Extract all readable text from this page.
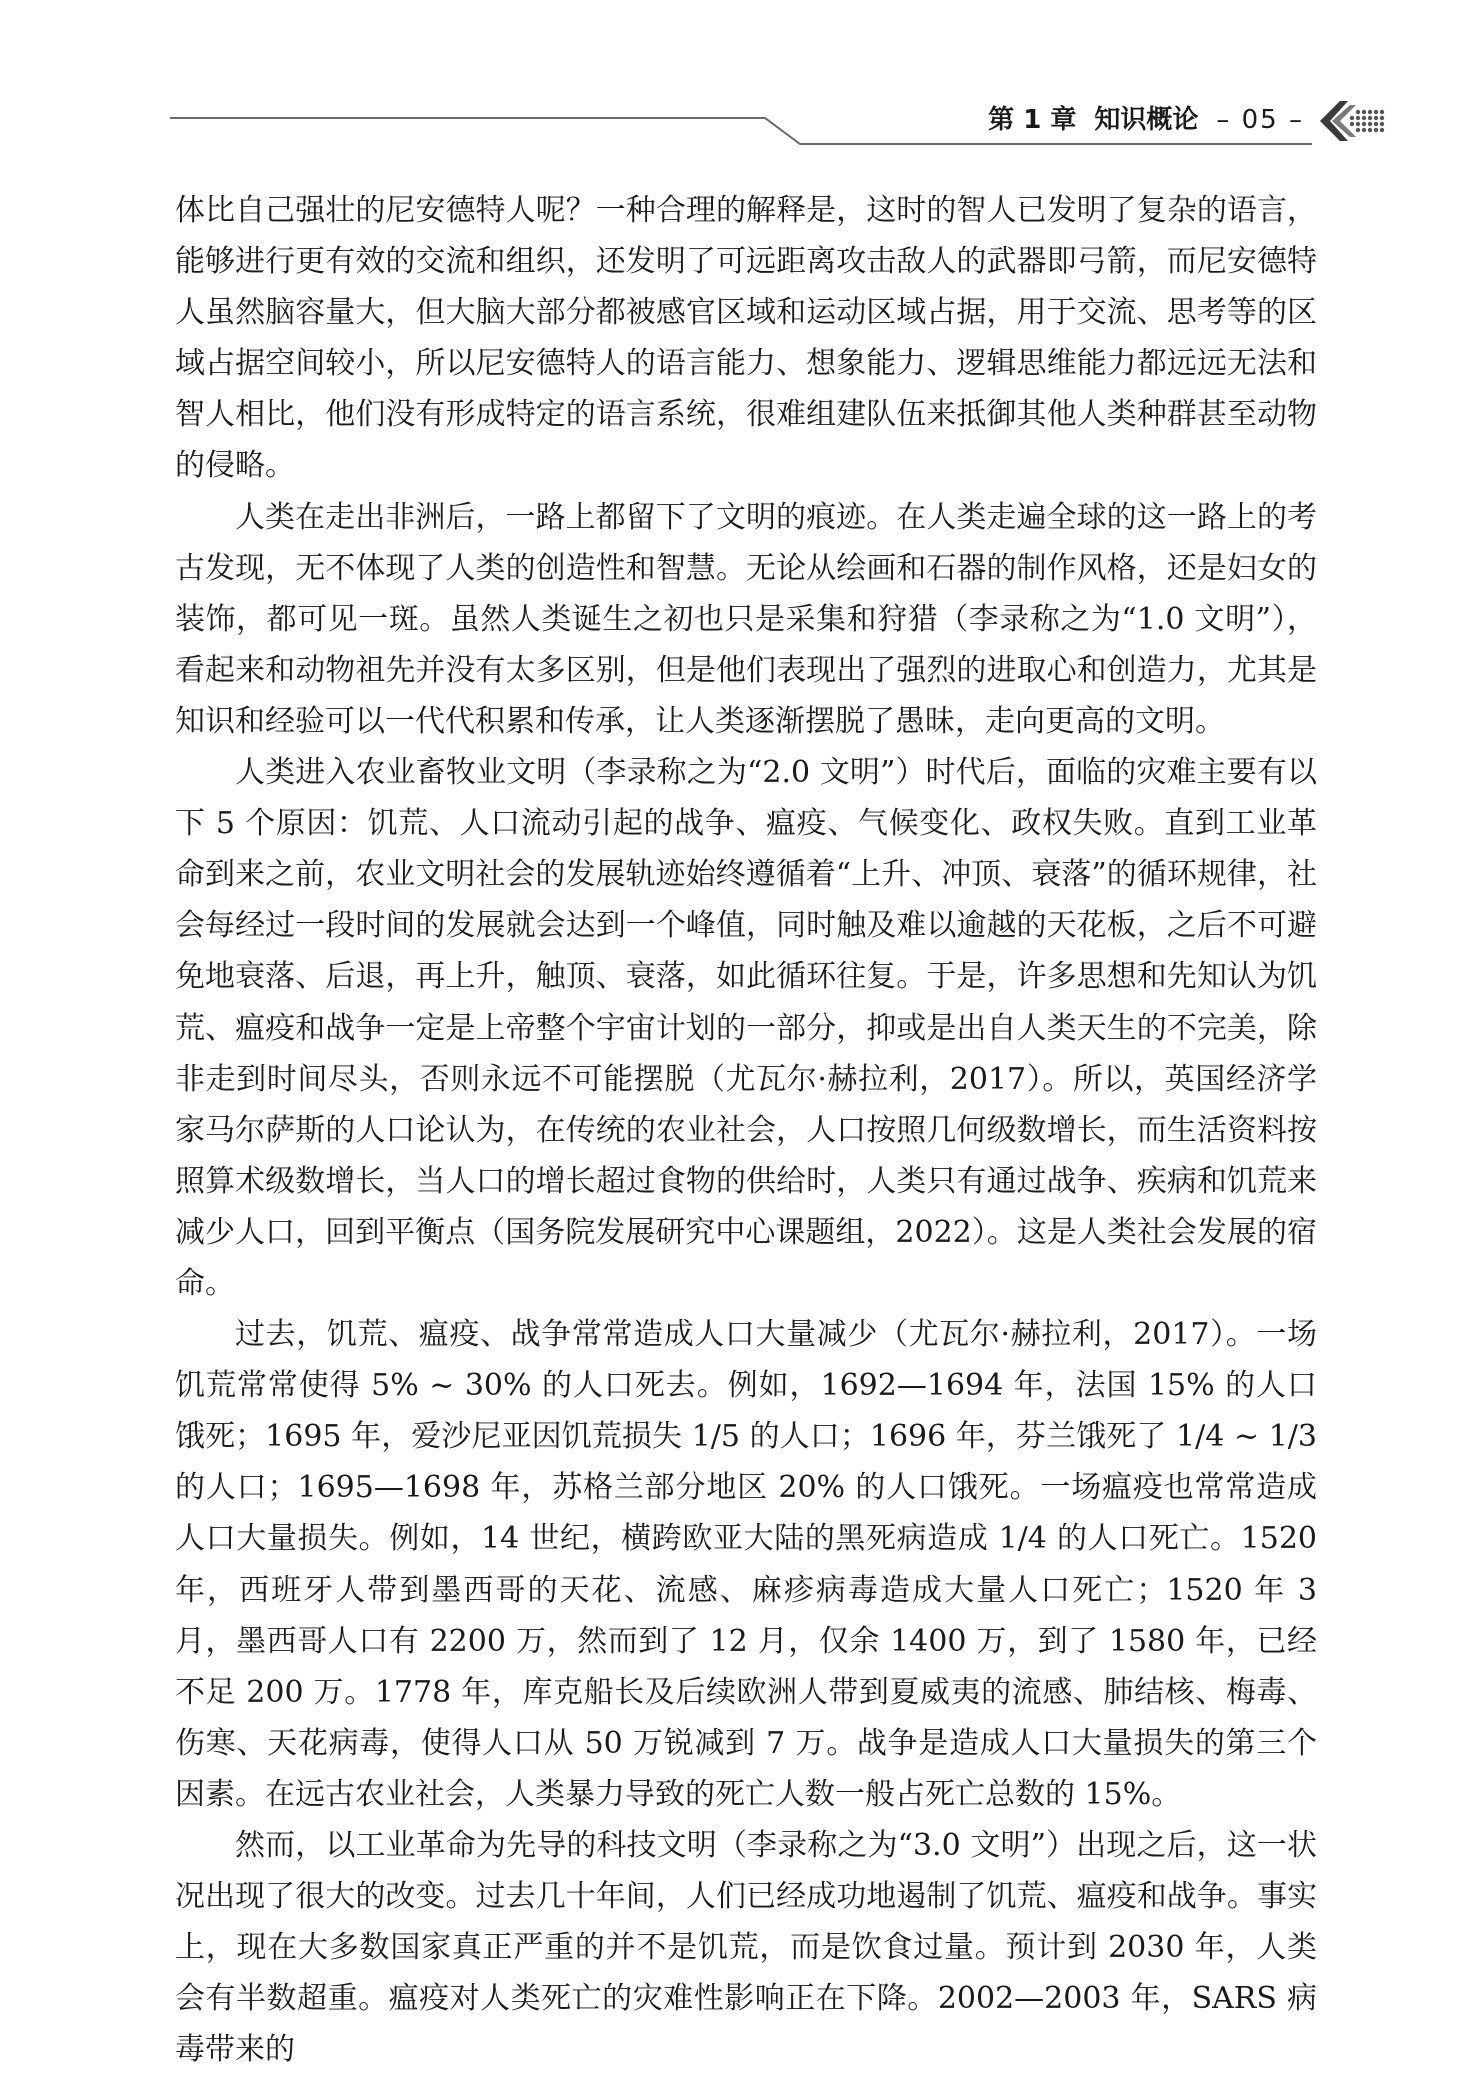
第 1 章 知识概论 – 05 –

体比自己强壮的尼安德特人呢？一种合理的解释是，这时的智人已发明了复杂的语言，能够进行更有效的交流和组织，还发明了可远距离攻击敌人的武器即弓箭，而尼安德特人虽然脑容量大，但大脑大部分都被感官区域和运动区域占据，用于交流、思考等的区域占据空间较小，所以尼安德特人的语言能力、想象能力、逻辑思维能力都远远无法和智人相比，他们没有形成特定的语言系统，很难组建队伍来抵御其他人类种群甚至动物的侵略。

人类在走出非洲后，一路上都留下了文明的痕迹。在人类走遍全球的这一路上的考古发现，无不体现了人类的创造性和智慧。无论从绘画和石器的制作风格，还是妇女的装饰，都可见一斑。虽然人类诞生之初也只是采集和狩猎（李录称之为“1.0 文明”），看起来和动物祖先并没有太多区别，但是他们表现出了强烈的进取心和创造力，尤其是知识和经验可以一代代积累和传承，让人类逐渐摆脱了愚昧，走向更高的文明。

人类进入农业畜牧业文明（李录称之为“2.0 文明”）时代后，面临的灾难主要有以下 5 个原因：饥荒、人口流动引起的战争、瘟疫、气候变化、政权失败。直到工业革命到来之前，农业文明社会的发展轨迹始终遵循着“上升、冲顶、衰落”的循环规律，社会每经过一段时间的发展就会达到一个峰值，同时触及难以逾越的天花板，之后不可避免地衰落、后退，再上升，触顶、衰落，如此循环往复。于是，许多思想和先知认为饥荒、瘟疫和战争一定是上帝整个宇宙计划的一部分，抑或是出自人类天生的不完美，除非走到时间尽头，否则永远不可能摆脱（尤瓦尔·赫拉利，2017）。所以，英国经济学家马尔萨斯的人口论认为，在传统的农业社会，人口按照几何级数增长，而生活资料按照算术级数增长，当人口的增长超过食物的供给时，人类只有通过战争、疾病和饥荒来减少人口，回到平衡点（国务院发展研究中心课题组，2022）。这是人类社会发展的宿命。

过去，饥荒、瘟疫、战争常常造成人口大量减少（尤瓦尔·赫拉利，2017）。一场饥荒常常使得 5% ~ 30% 的人口死去。例如，1692—1694 年，法国 15% 的人口饿死；1695 年，爱沙尼亚因饥荒损失 1/5 的人口；1696 年，芬兰饿死了 1/4 ~ 1/3 的人口；1695—1698 年，苏格兰部分地区 20% 的人口饿死。一场瘟疫也常常造成人口大量损失。例如，14 世纪，横跨欧亚大陆的黑死病造成 1/4 的人口死亡。1520 年，西班牙人带到墨西哥的天花、流感、麻疹病毒造成大量人口死亡；1520 年 3 月，墨西哥人口有 2200 万，然而到了 12 月，仅余 1400 万，到了 1580 年，已经不足 200 万。1778 年，库克船长及后续欧洲人带到夏威夷的流感、肺结核、梅毒、伤寒、天花病毒，使得人口从 50 万锐减到 7 万。战争是造成人口大量损失的第三个因素。在远古农业社会，人类暴力导致的死亡人数一般占死亡总数的 15%。

然而，以工业革命为先导的科技文明（李录称之为“3.0 文明”）出现之后，这一状况出现了很大的改变。过去几十年间，人们已经成功地遏制了饥荒、瘟疫和战争。事实上，现在大多数国家真正严重的并不是饥荒，而是饮食过量。预计到 2030 年，人类会有半数超重。瘟疫对人类死亡的灾难性影响正在下降。2002—2003 年，SARS 病毒带来的
